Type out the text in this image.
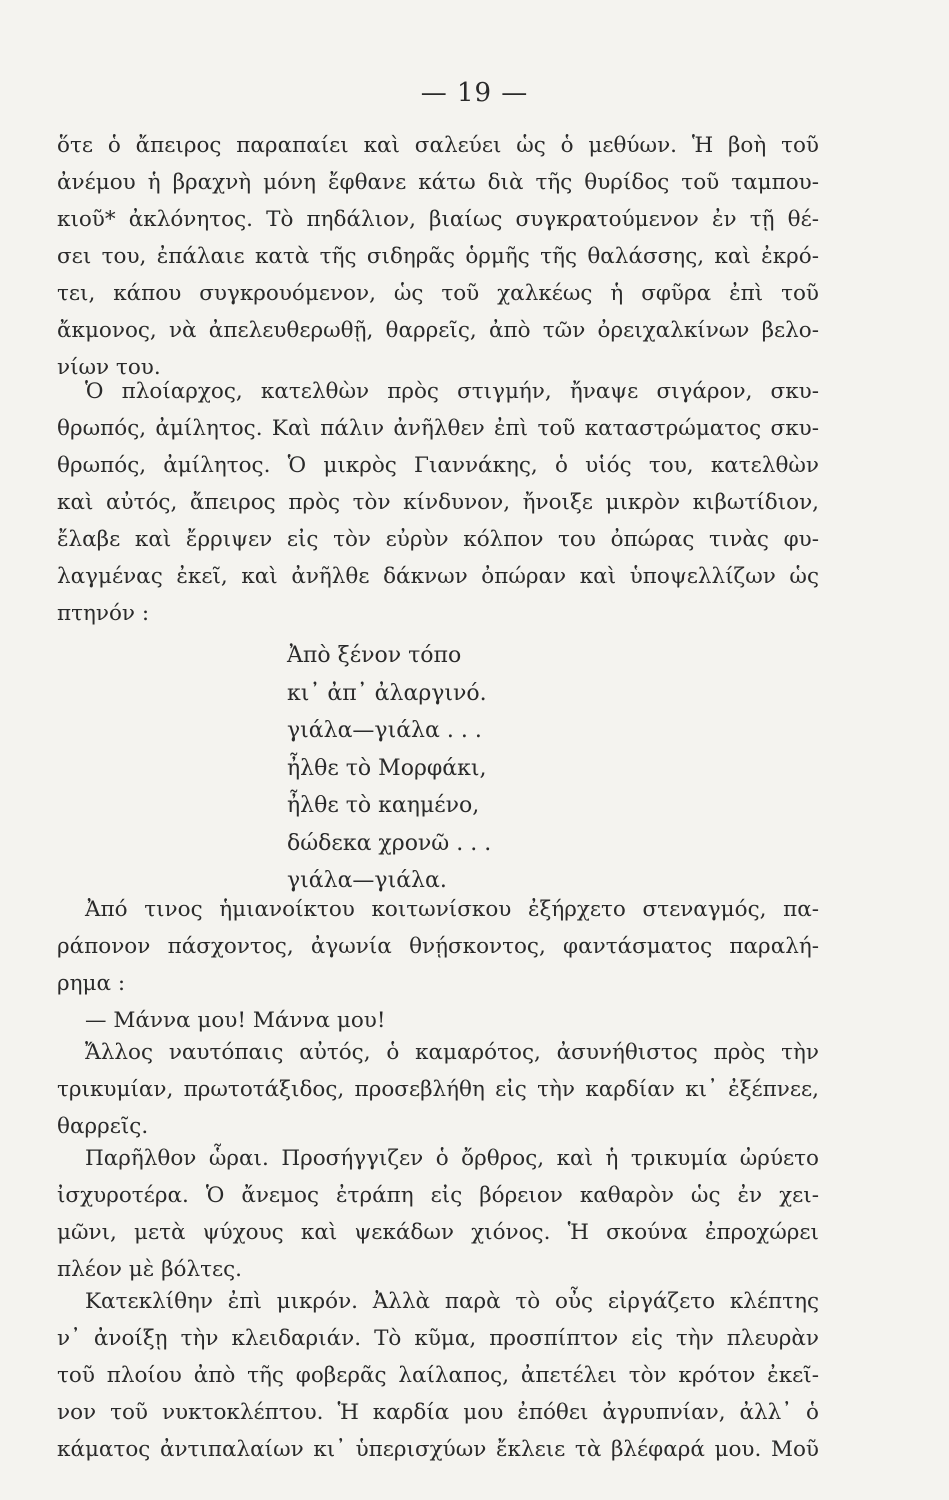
— 19 —
ὅτε ὁ ἄπειρος παραπαίει καὶ σαλεύει ὡς ὁ μεθύων. Ἡ βοὴ τοῦ
ἀνέμου ἡ βραχνὴ μόνη ἔφθανε κάτω διὰ τῆς θυρίδος τοῦ ταμπου-
κιοῦ* ἀκλόνητος. Τὸ πηδάλιον, βιαίως συγκρατούμενον ἐν τῇ θέ-
σει του, ἐπάλαιε κατὰ τῆς σιδηρᾶς ὁρμῆς τῆς θαλάσσης, καὶ ἐκρό-
τει, κάπου συγκρουόμενον, ὡς τοῦ χαλκέως ἡ σφῦρα ἐπὶ τοῦ
ἄκμονος, νὰ ἀπελευθερωθῇ, θαρρεῖς, ἀπὸ τῶν ὀρειχαλκίνων βελο-
νίων του.
Ὁ πλοίαρχος, κατελθὼν πρὸς στιγμήν, ἤναψε σιγάρον, σκυ-
θρωπός, ἀμίλητος. Καὶ πάλιν ἀνῆλθεν ἐπὶ τοῦ καταστρώματος σκυ-
θρωπός, ἀμίλητος. Ὁ μικρὸς Γιαννάκης, ὁ υἱός του, κατελθὼν
καὶ αὐτός, ἄπειρος πρὸς τὸν κίνδυνον, ἤνοιξε μικρὸν κιβωτίδιον,
ἔλαβε καὶ ἔρριψεν εἰς τὸν εὐρὺν κόλπον του ὀπώρας τινὰς φυ-
λαγμένας ἐκεῖ, καὶ ἀνῆλθε δάκνων ὀπώραν καὶ ὑποψελλίζων ὡς
πτηνόν :
Ἀπὸ ξένον τόπο
κι᾽ ἀπ᾽ ἀλαργινό.
γιάλα—γιάλα . . .
ἦλθε τὸ Μορφάκι,
ἦλθε τὸ καημένο,
δώδεκα χρονῶ . . .
γιάλα—γιάλα.
Ἀπό τινος ἡμιανοίκτου κοιτωνίσκου ἐξήρχετο στεναγμός, πα-
ράπονον πάσχοντος, ἀγωνία θνῄσκοντος, φαντάσματος παραλή-
ρημα :
— Μάννα μου! Μάννα μου!
Ἄλλος ναυτόπαις αὐτός, ὁ καμαρότος, ἀσυνήθιστος πρὸς τὴν
τρικυμίαν, πρωτοτάξιδος, προσεβλήθη εἰς τὴν καρδίαν κι᾽ ἐξέπνεε,
θαρρεῖς.
Παρῆλθον ὧραι. Προσήγγιζεν ὁ ὄρθρος, καὶ ἡ τρικυμία ὠρύετο
ἰσχυροτέρα. Ὁ ἄνεμος ἐτράπη εἰς βόρειον καθαρὸν ὡς ἐν χει-
μῶνι, μετὰ ψύχους καὶ ψεκάδων χιόνος. Ἡ σκούνα ἐπροχώρει
πλέον μὲ βόλτες.
Κατεκλίθην ἐπὶ μικρόν. Ἀλλὰ παρὰ τὸ οὖς εἰργάζετο κλέπτης
ν᾽ ἀνοίξῃ τὴν κλειδαριάν. Τὸ κῦμα, προσπίπτον εἰς τὴν πλευρὰν
τοῦ πλοίου ἀπὸ τῆς φοβερᾶς λαίλαπος, ἀπετέλει τὸν κρότον ἐκεῖ-
νον τοῦ νυκτοκλέπτου. Ἡ καρδία μου ἐπόθει ἀγρυπνίαν, ἀλλ᾽ ὁ
κάματος ἀντιπαλαίων κι᾽ ὑπερισχύων ἔκλειε τὰ βλέφαρά μου. Μοῦ
